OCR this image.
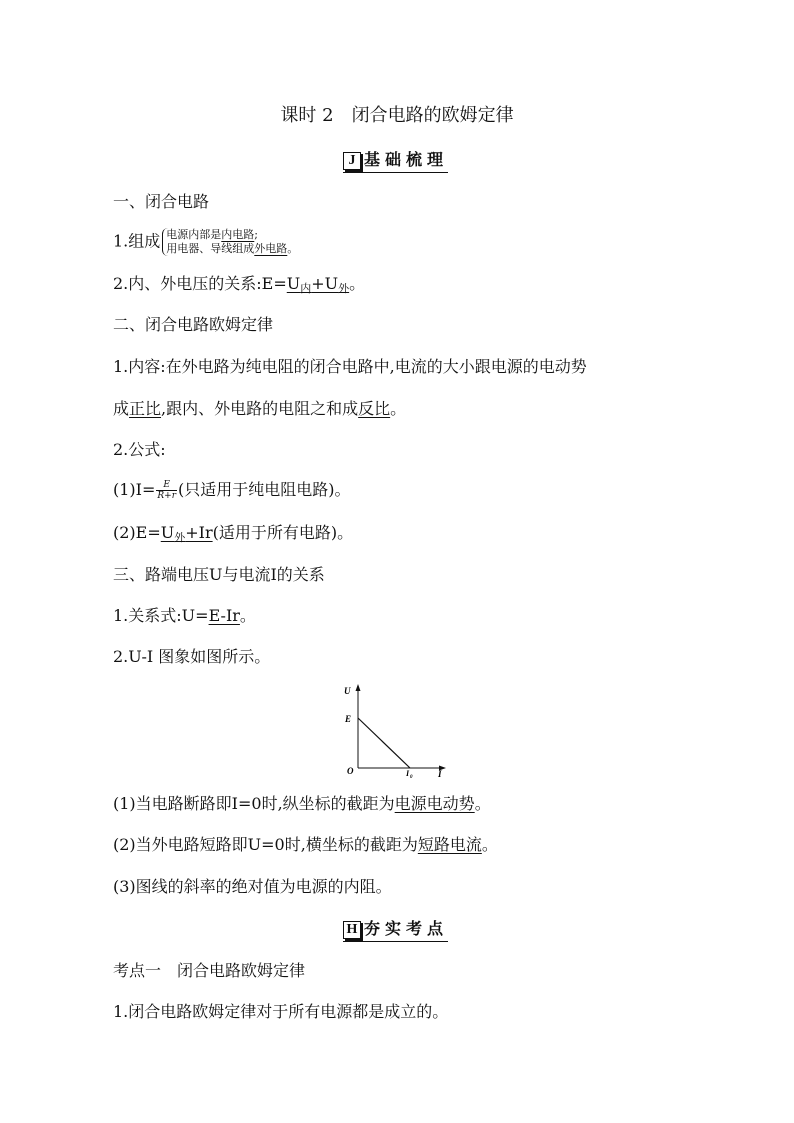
课时 2 闭合电路的欧姆定律
J 基础梳理
一、闭合电路
1.组成 电源内部是内电路;
用电器、导线组成外电路。
2.内、外电压的关系$:E=U_内+U_外$。
二、闭合电路欧姆定律
1.内容:在外电路为纯电阻的闭合电路中,电流的大小跟电源的电动势
成正比,跟内、外电路的电阻之和成反比。
2.公式:
$(1)I= \frac{E}{R+r}$ (只适用于纯电阻电路)。
$(2)E=U_外+Ir$(适用于所有电路)。
三、路端电压U与电流I的关系
1.关系式:U=E-Ir。
2.U-I 图象如图所示。
U
E
O	I 0	I
(1)当电路断路即I=0时,纵坐标的截距为电源电动势。
(2)当外电路短路即U=0时,横坐标的截距为短路电流。
(3)图线的斜率的绝对值为电源的内阻。
H 夯实考点
考点一　闭合电路欧姆定律
1.闭合电路欧姆定律对于所有电源都是成立的。
